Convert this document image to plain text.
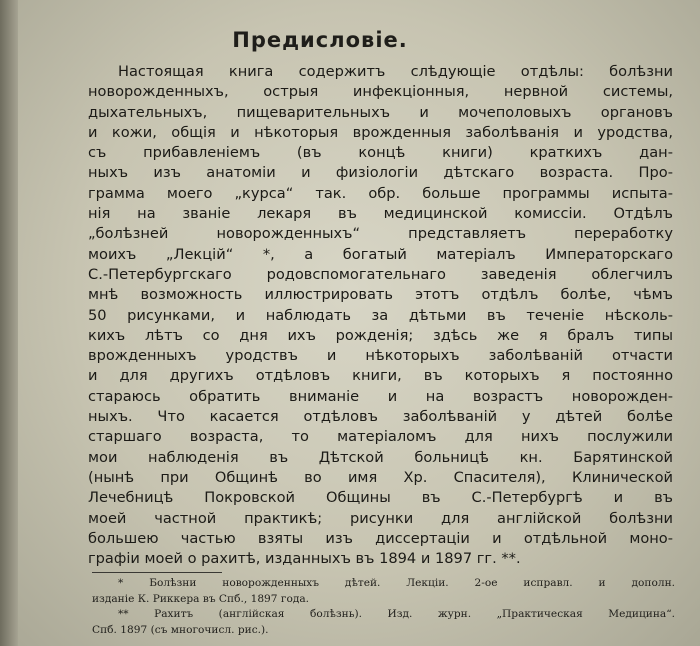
Предисловіе.
Настоящая книга содержитъ слѣдующіе отдѣлы: болѣзни
новорожденныхъ, острыя инфекціонныя, нервной системы,
дыхательныхъ, пищеварительныхъ и мочеполовыхъ органовъ
и кожи, общія и нѣкоторыя врожденныя заболѣванія и уродства,
съ прибавленіемъ (въ концѣ книги) краткихъ дан-
ныхъ изъ анатоміи и физіологіи дѣтскаго возраста. Про-
грамма моего „курса“ так. обр. больше программы испыта-
нія на званіе лекаря въ медицинской комиссіи. Отдѣлъ
„болѣзней новорожденныхъ“ представляетъ переработку
моихъ „Лекцій“ *, а богатый матеріалъ Императорскаго
С.-Петербургскаго родовспомогательнаго заведенія облегчилъ
мнѣ возможность иллюстрировать этотъ отдѣлъ болѣе, чѣмъ
50 рисунками, и наблюдать за дѣтьми въ теченіе нѣсколь-
кихъ лѣтъ со дня ихъ рожденія; здѣсь же я бралъ типы
врожденныхъ уродствъ и нѣкоторыхъ заболѣваній отчасти
и для другихъ отдѣловъ книги, въ которыхъ я постоянно
стараюсь обратить вниманіе и на возрастъ новорожден-
ныхъ. Что касается отдѣловъ заболѣваній у дѣтей болѣе
старшаго возраста, то матеріаломъ для нихъ послужили
мои наблюденія въ Дѣтской больницѣ кн. Барятинской
(нынѣ при Общинѣ во имя Хр. Спасителя), Клинической
Лечебницѣ Покровской Общины въ С.-Петербургѣ и въ
моей частной практикѣ; рисунки для англійской болѣзни
большею частью взяты изъ диссертаціи и отдѣльной моно-
графіи моей о рахитѣ, изданныхъ въ 1894 и 1897 гг. **.
* Болѣзни новорожденныхъ дѣтей. Лекціи. 2-ое исправл. и дополн.
изданіе К. Риккера въ Спб., 1897 года.
** Рахитъ (англійская болѣзнь). Изд. журн. „Практическая Медицина“.
Спб. 1897 (съ многочисл. рис.).
